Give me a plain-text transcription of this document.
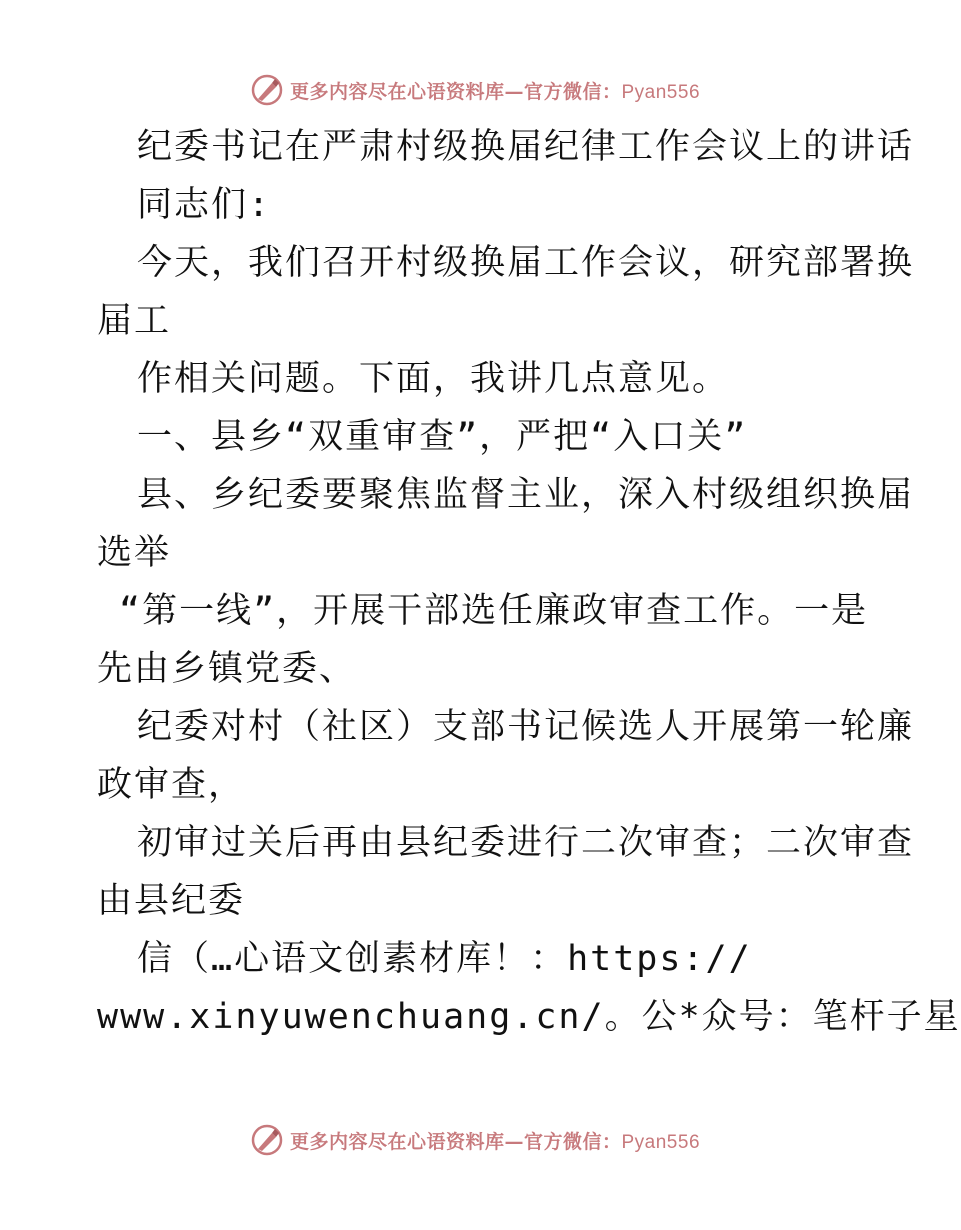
更多内容尽在心语资料库—官方微信：Pyan556
纪委书记在严肃村级换届纪律工作会议上的讲话
同志们:
今天，我们召开村级换届工作会议，研究部署换
届工
作相关问题。下面，我讲几点意见。
一、县乡“双重审查”，严把“入口关”
县、乡纪委要聚焦监督主业，深入村级组织换届
选举
“第一线”，开展干部选任廉政审查工作。一是
先由乡镇党委、
纪委对村（社区）支部书记候选人开展第一轮廉
政审查，
初审过关后再由县纪委进行二次审查；二次审查
由县纪委
信（…心语文创素材库！：https://
www.xinyuwenchuang.cn/。公*众号：笔杆子星
更多内容尽在心语资料库—官方微信：Pyan556
